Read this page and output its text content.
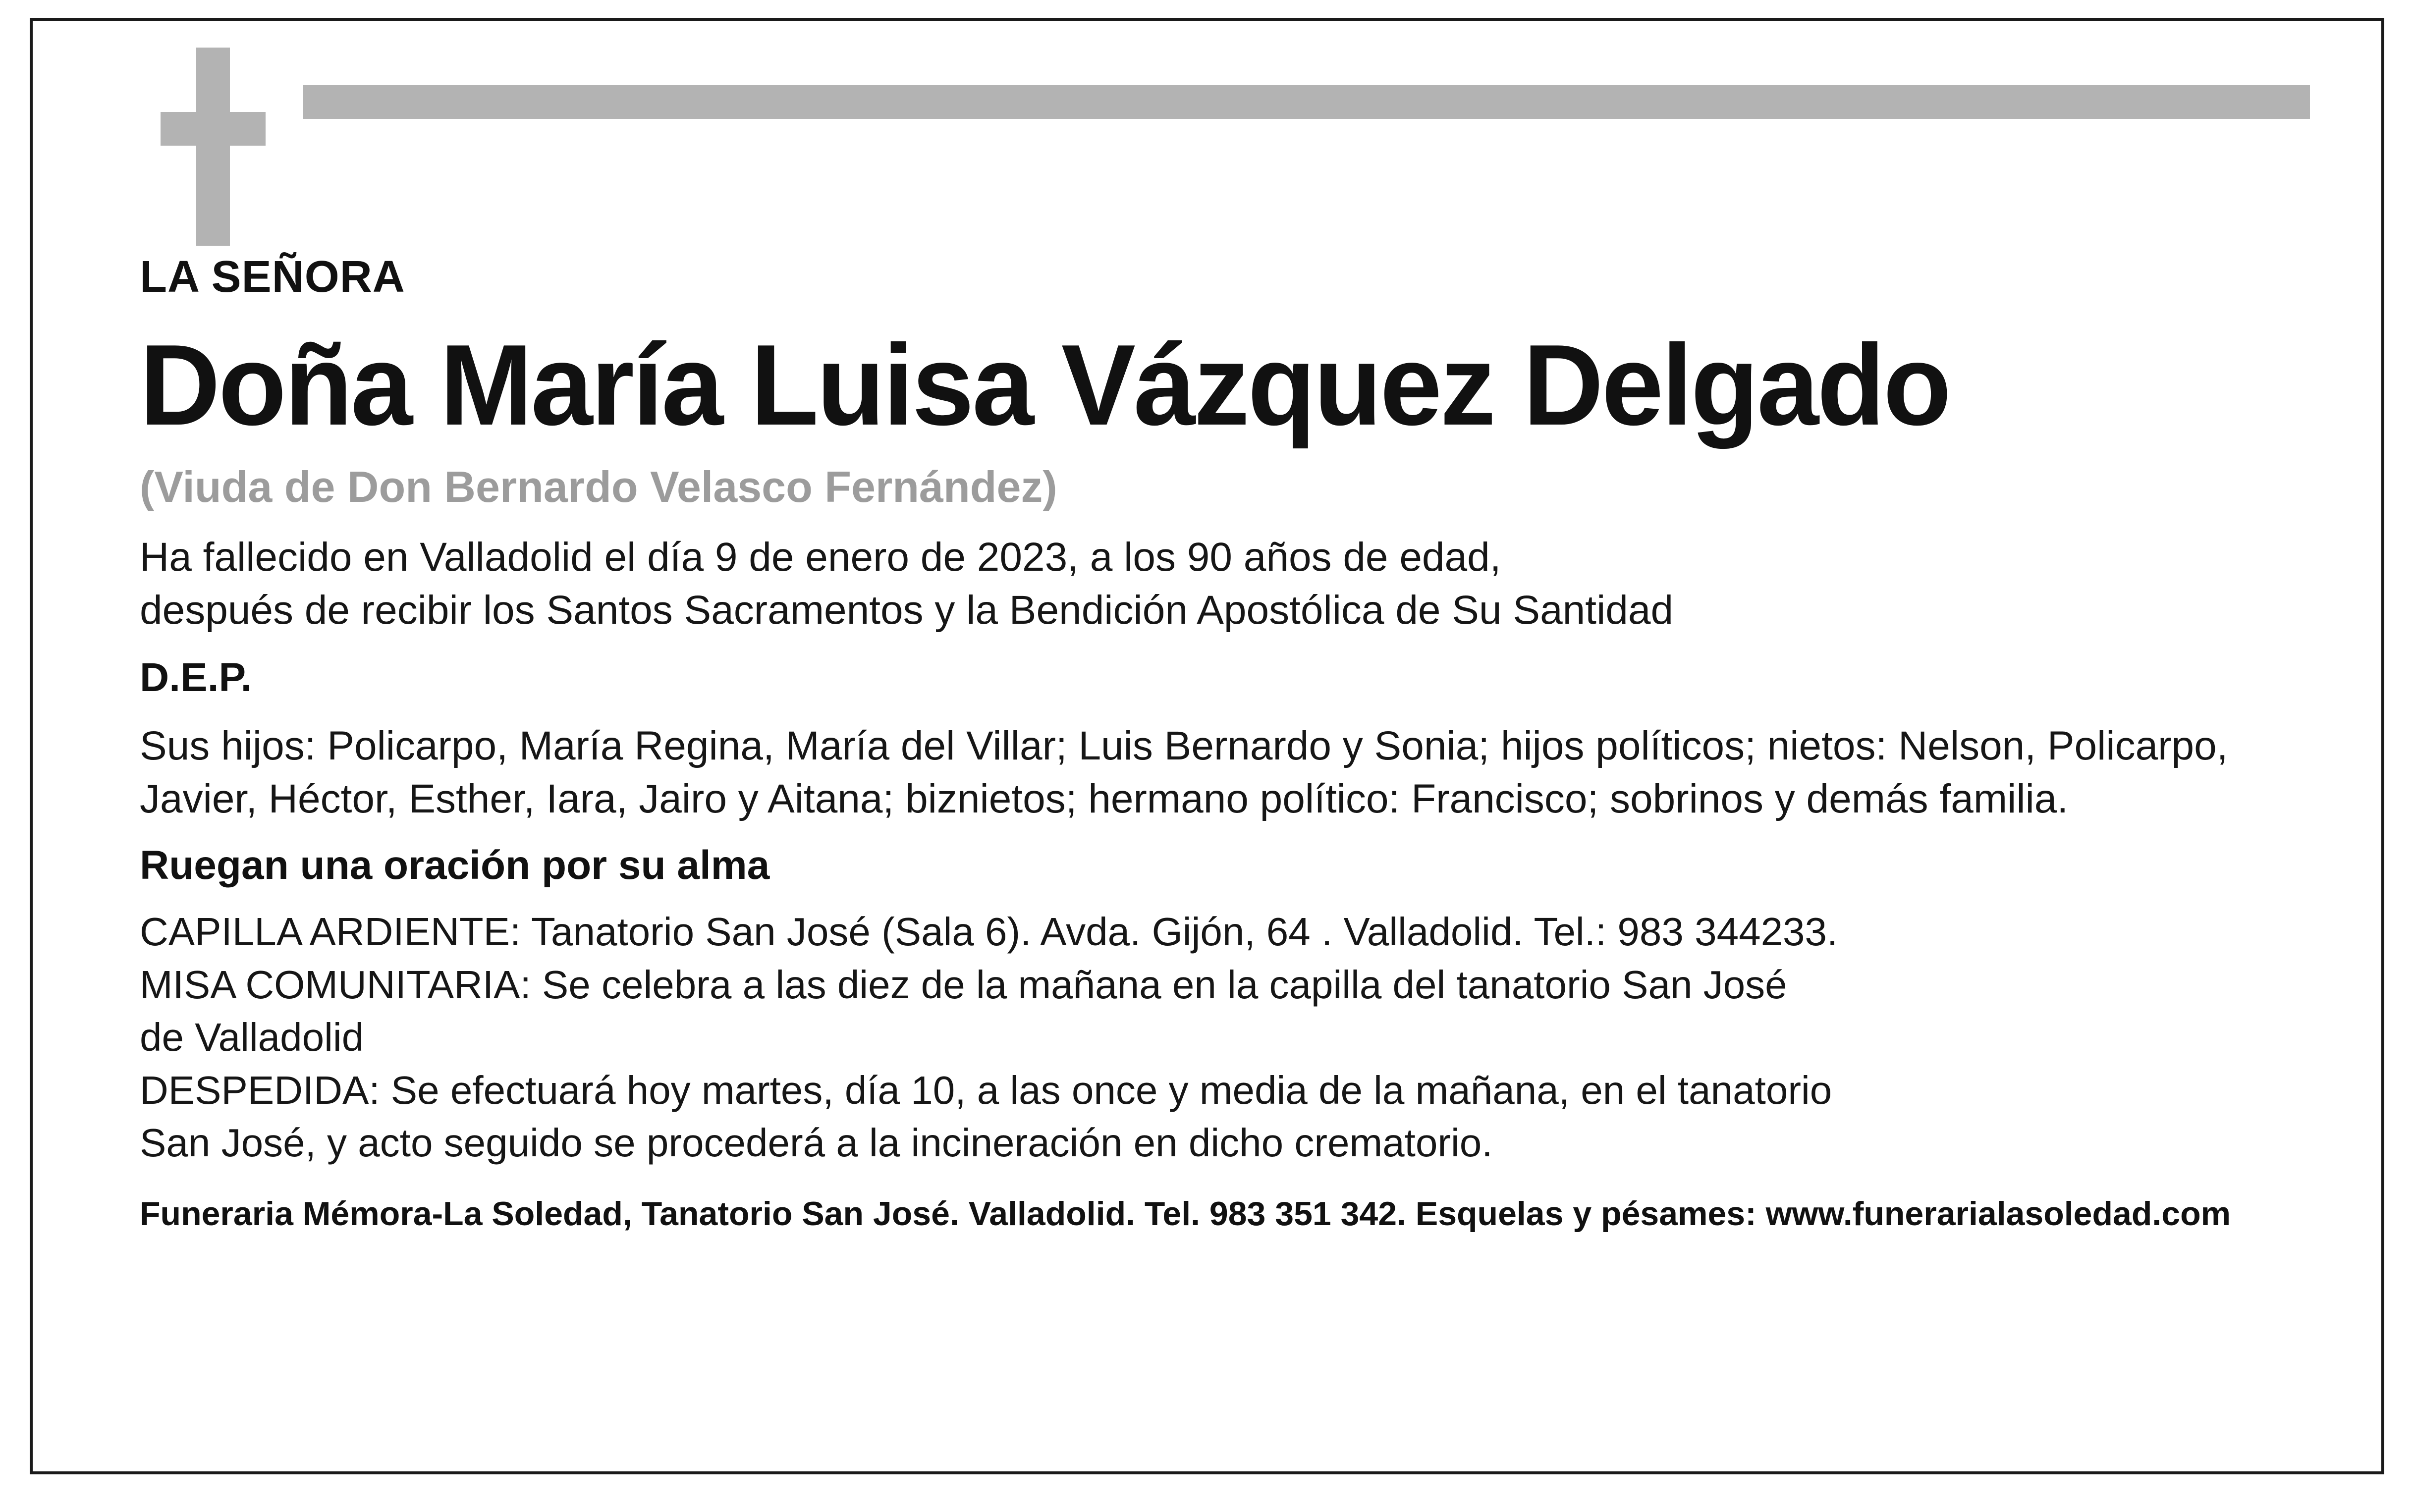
LA SEÑORA
Doña María Luisa Vázquez Delgado
(Viuda de Don Bernardo Velasco Fernández)
Ha fallecido en Valladolid el día 9 de enero de 2023, a los 90 años de edad,
después de recibir los Santos Sacramentos y la Bendición Apostólica de Su Santidad
D.E.P.
Sus hijos: Policarpo, María Regina, María del Villar; Luis Bernardo y Sonia; hijos políticos; nietos: Nelson, Policarpo, Javier, Héctor, Esther, Iara, Jairo y Aitana; biznietos; hermano político: Francisco; sobrinos y demás familia.
Ruegan una oración por su alma
CAPILLA ARDIENTE: Tanatorio San José (Sala 6). Avda. Gijón, 64 . Valladolid. Tel.: 983 344233.
MISA COMUNITARIA: Se celebra a las diez de la mañana en la capilla del tanatorio San José
de Valladolid
DESPEDIDA: Se efectuará hoy martes, día 10, a las once y media de la mañana, en el tanatorio
San José, y acto seguido se procederá a la incineración en dicho crematorio.
Funeraria Mémora-La Soledad, Tanatorio San José. Valladolid. Tel. 983 351 342. Esquelas y pésames: www.funerarialasoledad.com
